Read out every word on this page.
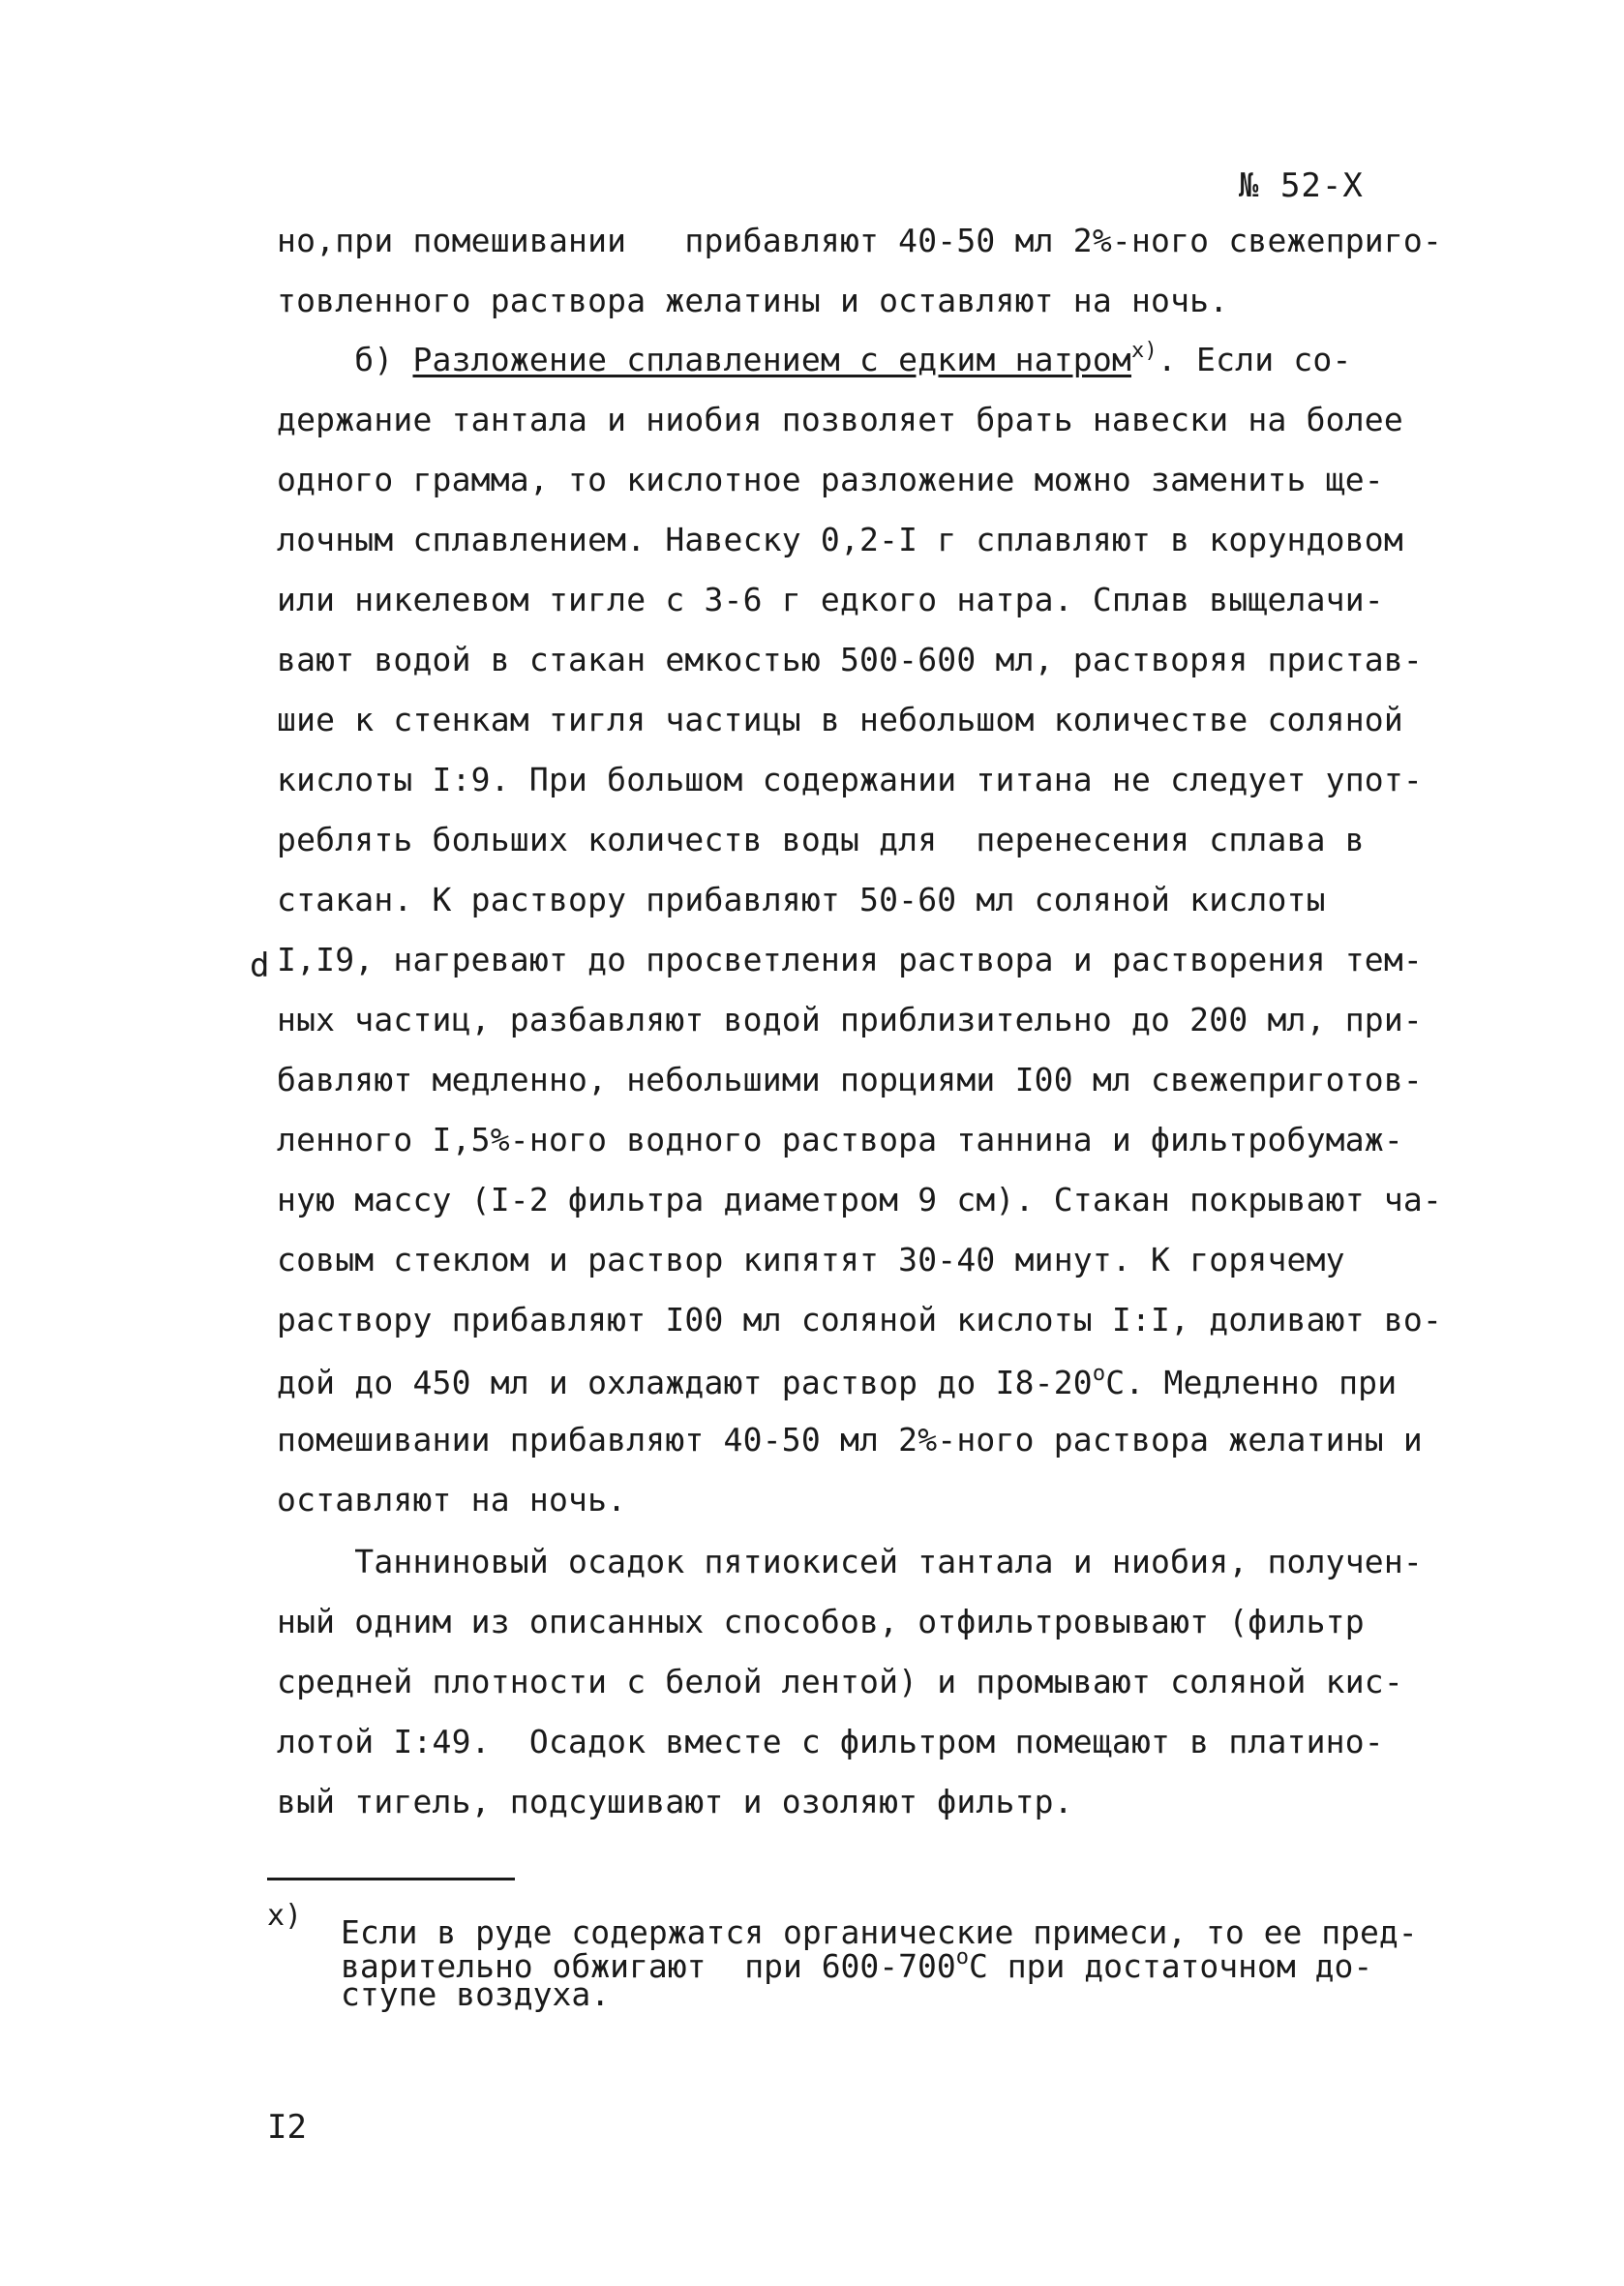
№ 52-Х
но,при помешивании   прибавляют 40-50 мл 2%-ного свежеприго-
товленного раствора желатины и оставляют на ночь.
б) Разложение сплавлением с едким натром$^{х)}$. Если со-
держание тантала и ниобия позволяет брать навески на более
одного грамма, то кислотное разложение можно заменить ще-
лочным сплавлением. Навеску 0,2-I г сплавляют в корундовом
или никелевом тигле с 3-6 г едкого натра. Сплав выщелачи-
вают водой в стакан емкостью 500-600 мл, растворяя пристав-
шие к стенкам тигля частицы в небольшом количестве соляной
кислоты I:9. При большом содержании титана не следует упот-
реблять больших количеств воды для  перенесения сплава в
стакан. К раствору прибавляют 50-60 мл соляной кислоты
d I,I9, нагревают до просветления раствора и растворения тем-
ных частиц, разбавляют водой приблизительно до 200 мл, при-
бавляют медленно, небольшими порциями I00 мл свежеприготов-
ленного I,5%-ного водного раствора таннина и фильтробумаж-
ную массу (I-2 фильтра диаметром 9 см). Стакан покрывают ча-
совым стеклом и раствор кипятят 30-40 минут. К горячему
раствору прибавляют I00 мл соляной кислоты I:I, доливают во-
дой до 450 мл и охлаждают раствор до $I8-20^оС$. Медленно при
помешивании прибавляют 40-50 мл 2%-ного раствора желатины и
оставляют на ночь.
Таннинoвый осадок пятиокисей тантала и ниобия, получен-
ный одним из описанных способов, отфильтровывают (фильтр
средней плотности с белой лентой) и промывают соляной кис-
лотой I:49.  Осадок вместе с фильтром помещают в платино-
вый тигель, подсушивают и озоляют фильтр.
х) Если в руде содержатся органические примеси, то ее пред-
варительно обжигают  при $600-700^оС$ при достаточном до-
ступе воздуха.
I2
